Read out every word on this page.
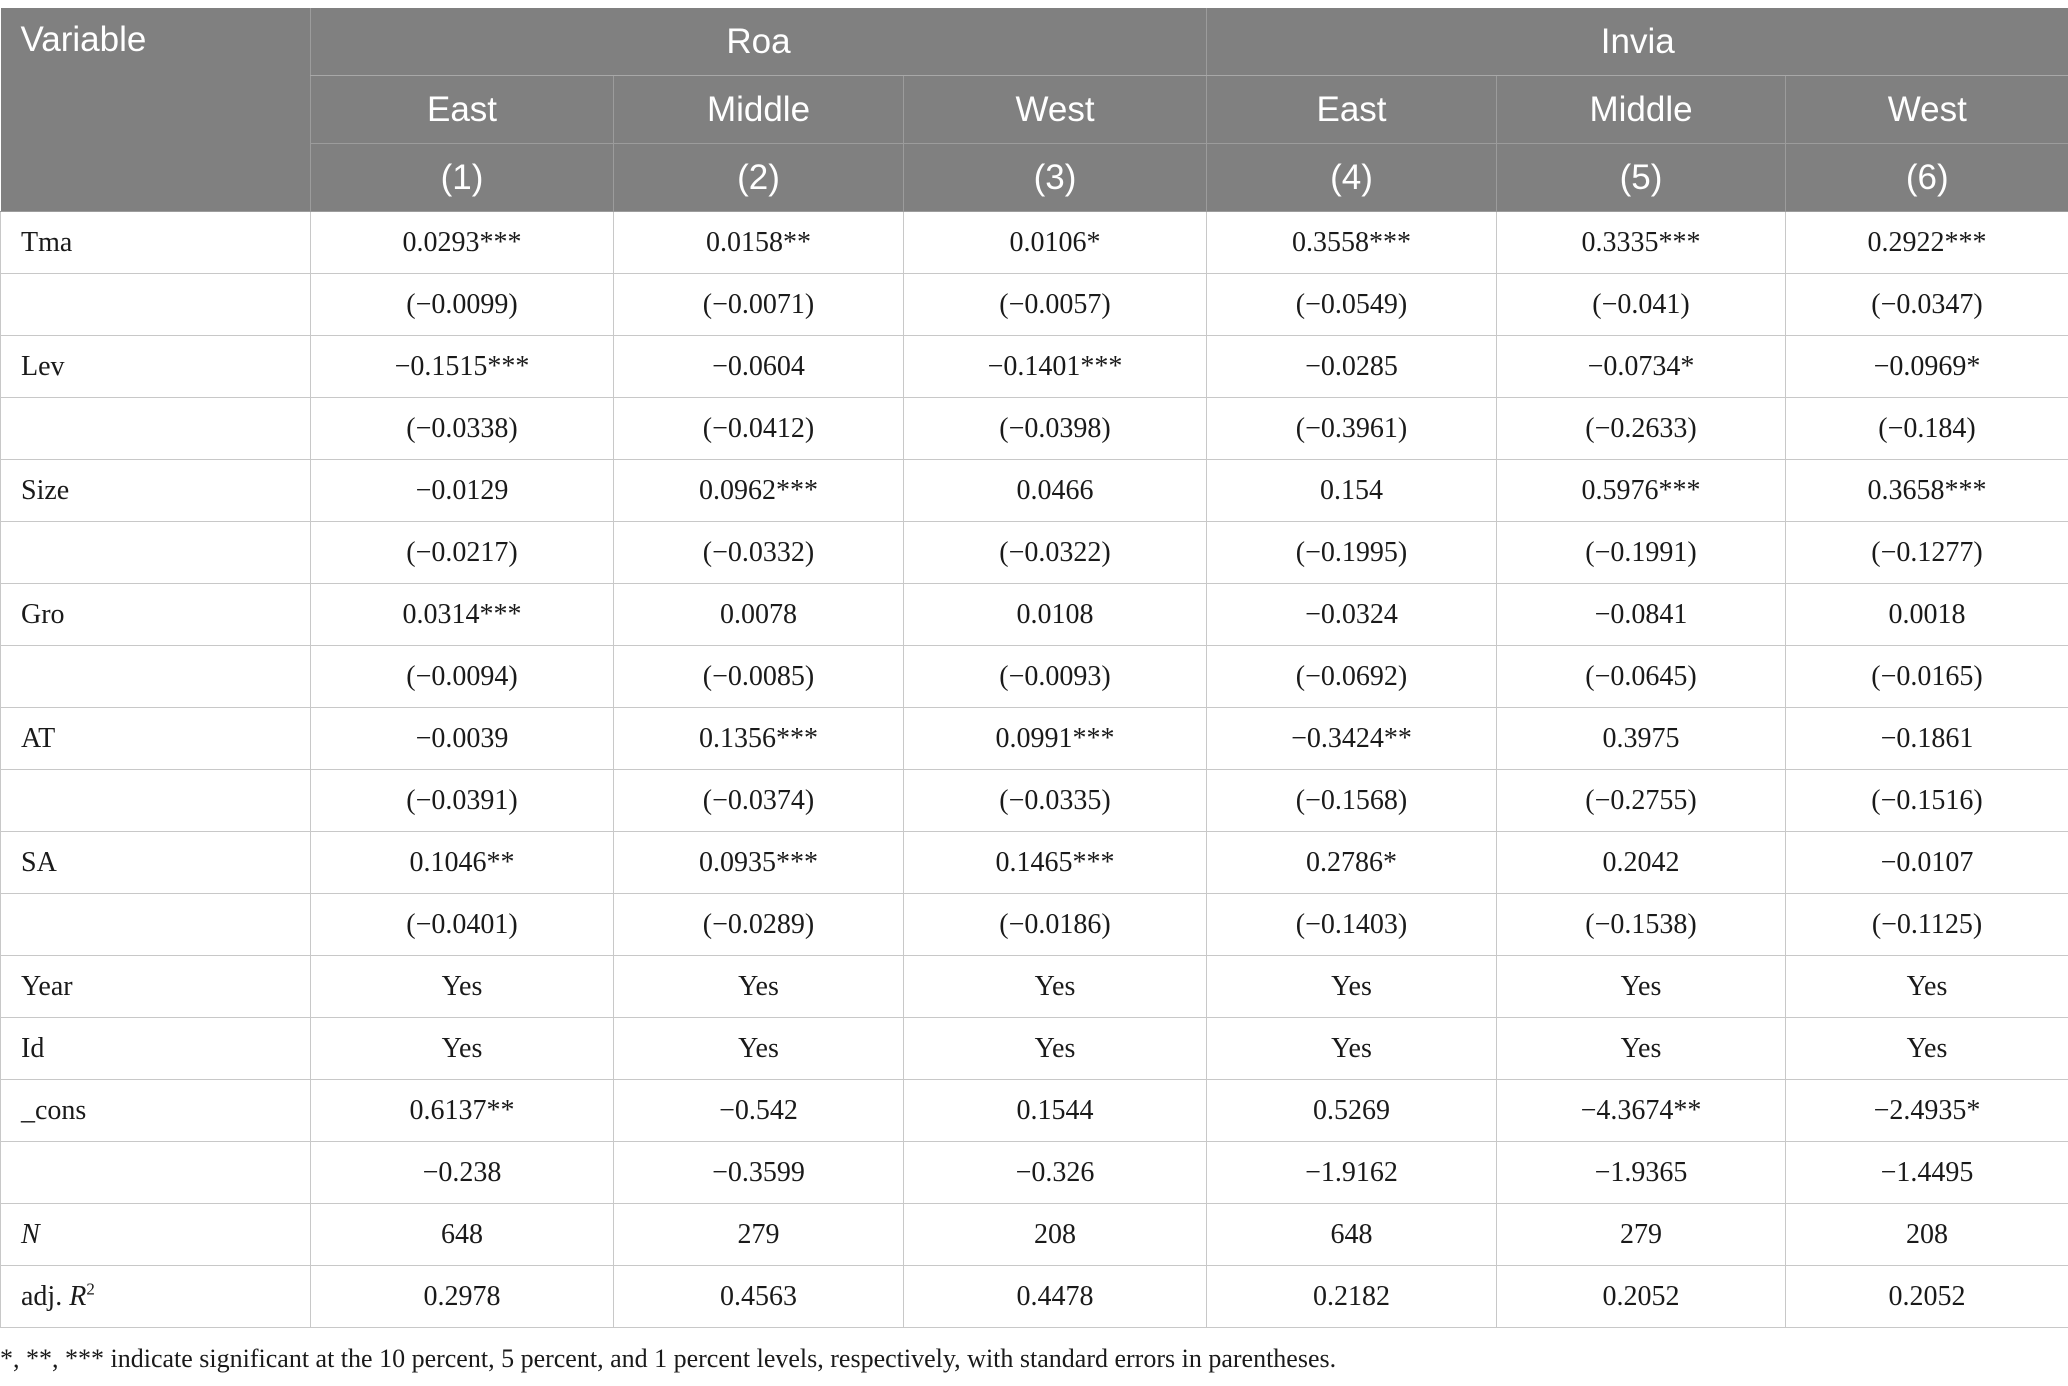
Variable	Roa			Invia		
	East	Middle	West	East	Middle	West
	(1)	(2)	(3)	(4)	(5)	(6)
Tma	0.0293***	0.0158**	0.0106*	0.3558***	0.3335***	0.2922***
	(−0.0099)	(−0.0071)	(−0.0057)	(−0.0549)	(−0.041)	(−0.0347)
Lev	−0.1515***	−0.0604	−0.1401***	−0.0285	−0.0734*	−0.0969*
	(−0.0338)	(−0.0412)	(−0.0398)	(−0.3961)	(−0.2633)	(−0.184)
Size	−0.0129	0.0962***	0.0466	0.154	0.5976***	0.3658***
	(−0.0217)	(−0.0332)	(−0.0322)	(−0.1995)	(−0.1991)	(−0.1277)
Gro	0.0314***	0.0078	0.0108	−0.0324	−0.0841	0.0018
	(−0.0094)	(−0.0085)	(−0.0093)	(−0.0692)	(−0.0645)	(−0.0165)
AT	−0.0039	0.1356***	0.0991***	−0.3424**	0.3975	−0.1861
	(−0.0391)	(−0.0374)	(−0.0335)	(−0.1568)	(−0.2755)	(−0.1516)
SA	0.1046**	0.0935***	0.1465***	0.2786*	0.2042	−0.0107
	(−0.0401)	(−0.0289)	(−0.0186)	(−0.1403)	(−0.1538)	(−0.1125)
Year	Yes	Yes	Yes	Yes	Yes	Yes
Id	Yes	Yes	Yes	Yes	Yes	Yes
_cons	0.6137**	−0.542	0.1544	0.5269	−4.3674**	−2.4935*
	−0.238	−0.3599	−0.326	−1.9162	−1.9365	−1.4495
N	648	279	208	648	279	208
adj. $R^2$	0.2978	0.4563	0.4478	0.2182	0.2052	0.2052
*, **, *** indicate significant at the 10 percent, 5 percent, and 1 percent levels, respectively, with standard errors in parentheses.
